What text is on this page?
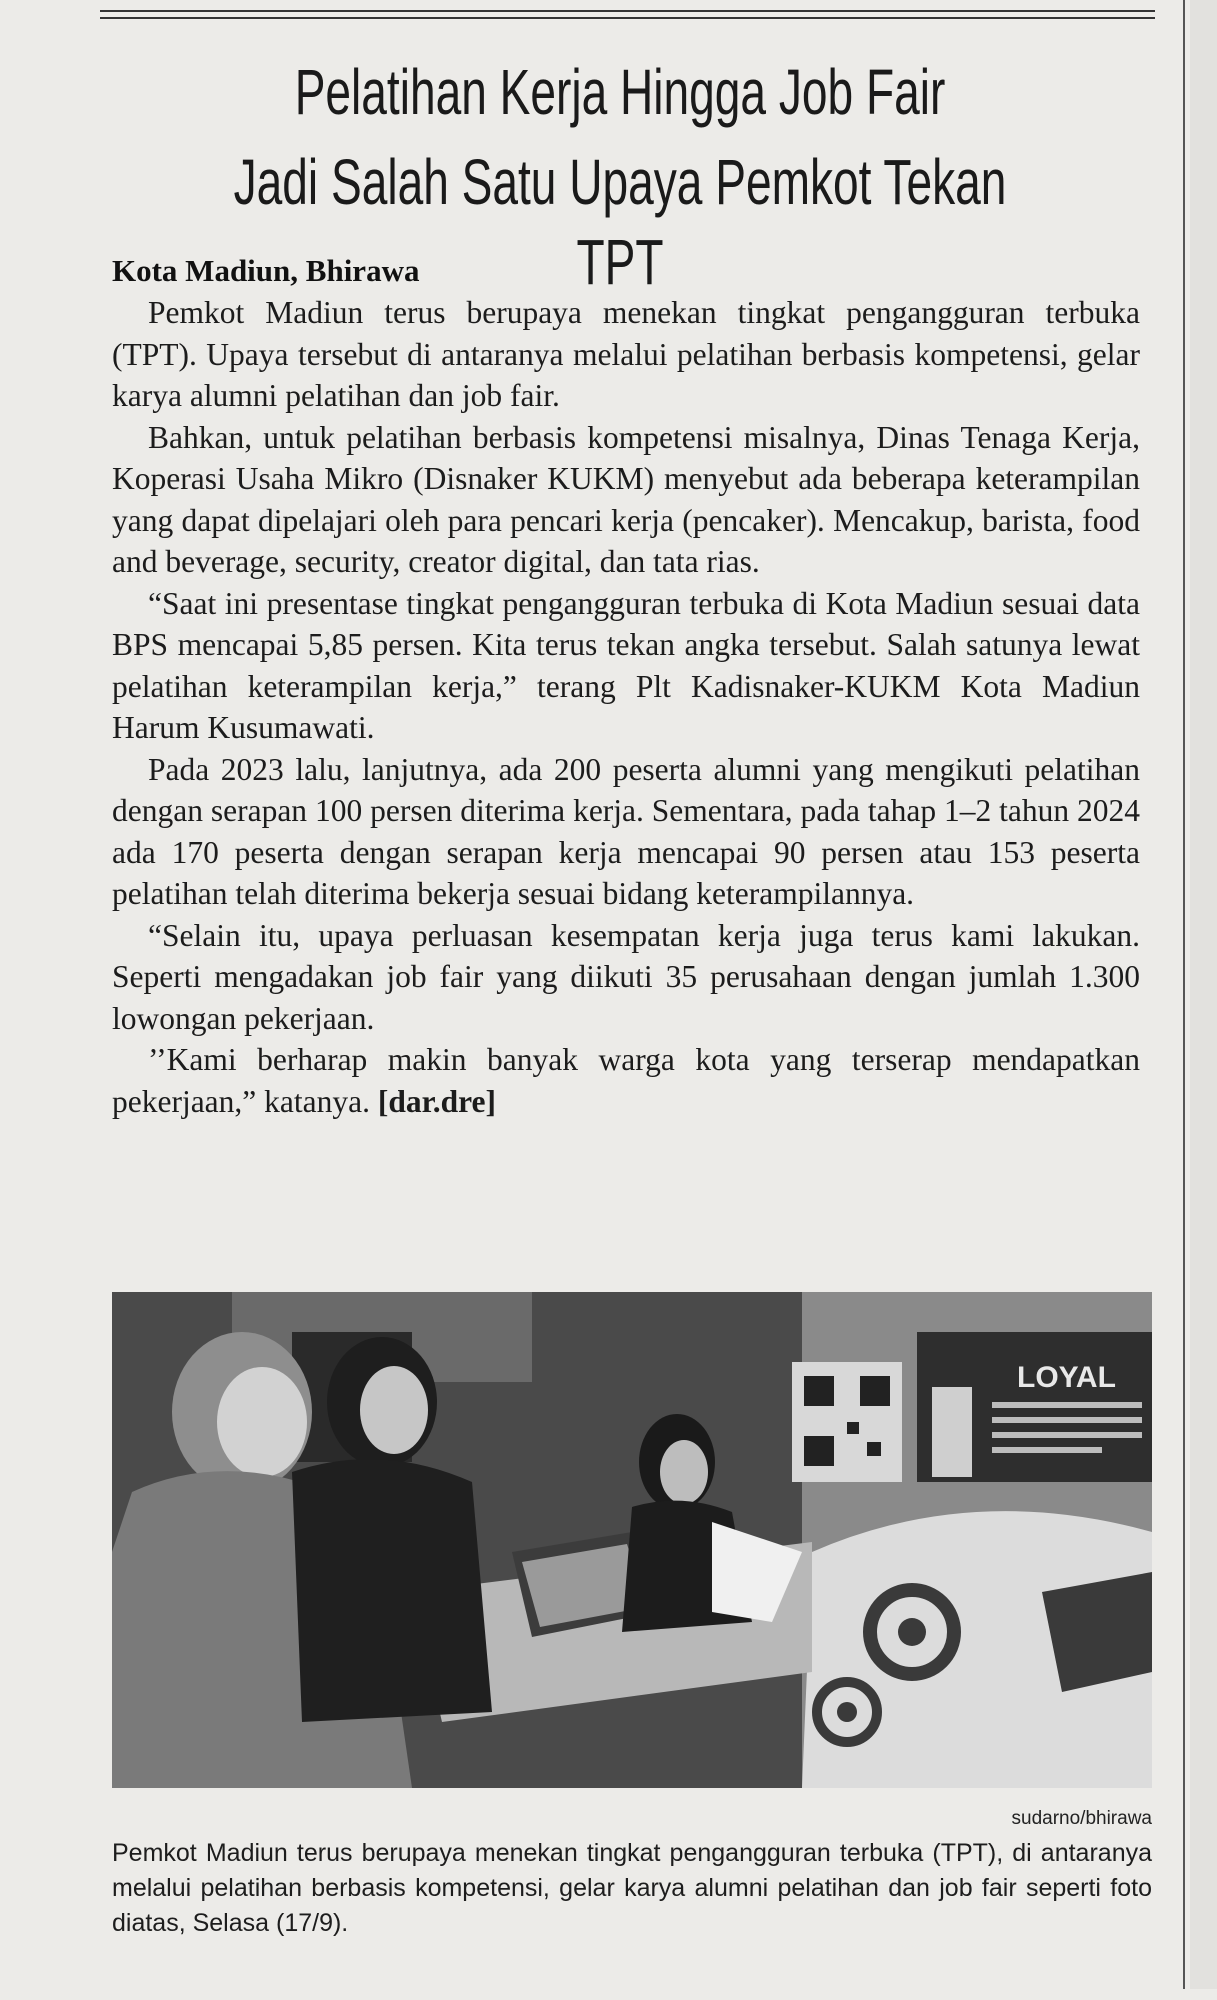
Pelatihan Kerja Hingga Job Fair
Jadi Salah Satu Upaya Pemkot Tekan TPT
Kota Madiun, Bhirawa

Pemkot Madiun terus berupaya menekan tingkat pengangguran terbuka (TPT). Upaya tersebut di antaranya melalui pelatihan berbasis kompetensi, gelar karya alumni pelatihan dan job fair.

Bahkan, untuk pelatihan berbasis kompetensi misalnya, Dinas Tenaga Kerja, Koperasi Usaha Mikro (Disnaker KUKM) menyebut ada beberapa keterampilan yang dapat dipelajari oleh para pencari kerja (pencaker). Mencakup, barista, food and beverage, security, creator digital, dan tata rias.

“Saat ini presentase tingkat pengangguran terbuka di Kota Madiun sesuai data BPS mencapai 5,85 persen. Kita terus tekan angka tersebut. Salah satunya lewat pelatihan keterampilan kerja,” terang Plt Kadisnaker-KUKM Kota Madiun Harum Kusumawati.

Pada 2023 lalu, lanjutnya, ada 200 peserta alumni yang mengikuti pelatihan dengan serapan 100 persen diterima kerja. Sementara, pada tahap 1–2 tahun 2024 ada 170 peserta dengan serapan kerja mencapai 90 persen atau 153 peserta pelatihan telah diterima bekerja sesuai bidang keterampilannya.

“Selain itu, upaya perluasan kesempatan kerja juga terus kami lakukan. Seperti mengadakan job fair yang diikuti 35 perusahaan dengan jumlah 1.300 lowongan pekerjaan.

’’Kami berharap makin banyak warga kota yang terserap mendapatkan pekerjaan,” katanya. [dar.dre]

LOYAL
sudarno/bhirawa

Pemkot Madiun terus berupaya menekan tingkat pengangguran terbuka (TPT), di antaranya melalui pelatihan berbasis kompetensi, gelar karya alumni pelatihan dan job fair seperti foto diatas, Selasa (17/9).
